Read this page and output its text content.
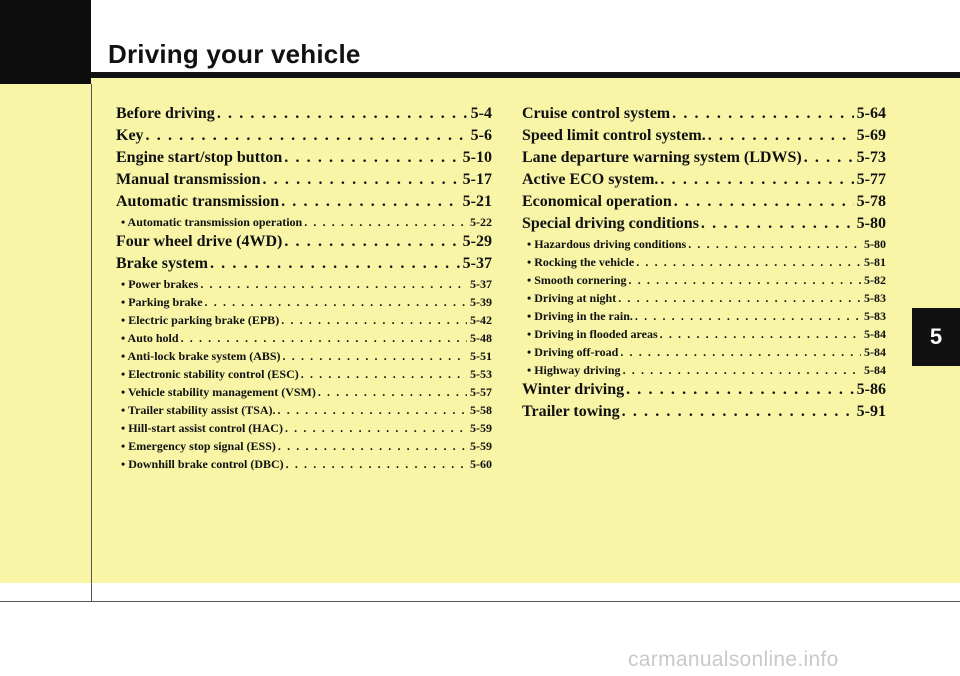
Driving your vehicle
Before driving . . .	5-4
Key . . .	5-6
Engine start/stop button . . .	5-10
Manual transmission . . .	5-17
Automatic transmission . . .	5-21
• Automatic transmission operation . . .	5-22
Four wheel drive (4WD) . . .	5-29
Brake system . . .	5-37
• Power brakes . . .	5-37
• Parking brake . . .	5-39
• Electric parking brake (EPB) . . .	5-42
• Auto hold . . .	5-48
• Anti-lock brake system (ABS) . . .	5-51
• Electronic stability control (ESC) . . .	5-53
• Vehicle stability management (VSM) . . .	5-57
• Trailer stability assist (TSA). . . .	5-58
• Hill-start assist control (HAC) . . .	5-59
• Emergency stop signal (ESS) . . .	5-59
• Downhill brake control (DBC) . . .	5-60
Cruise control system . . .	5-64
Speed limit control system. . . .	5-69
Lane departure warning system (LDWS) . . .	5-73
Active ECO system. . . .	5-77
Economical operation . . .	5-78
Special driving conditions . . .	5-80
• Hazardous driving conditions . . .	5-80
• Rocking the vehicle . . .	5-81
• Smooth cornering . . .	5-82
• Driving at night . . .	5-83
• Driving in the rain. . . .	5-83
• Driving in flooded areas . . .	5-84
• Driving off-road . . .	5-84
• Highway driving . . .	5-84
Winter driving . . .	5-86
Trailer towing . . .	5-91
5
carmanualsonline.info
